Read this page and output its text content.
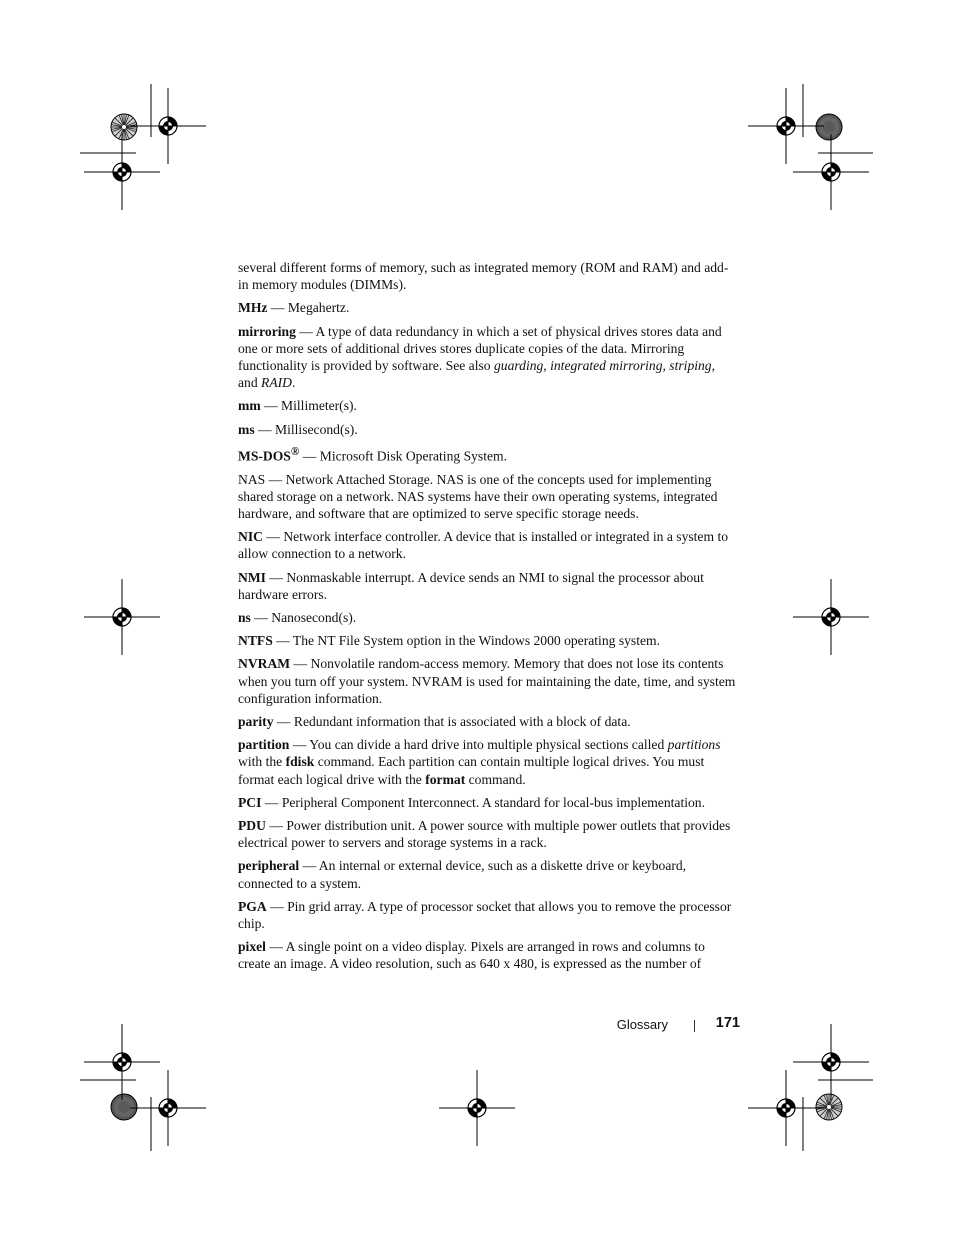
several different forms of memory, such as integrated memory (ROM and RAM) and add-in memory modules (DIMMs).

MHz — Megahertz.

mirroring — A type of data redundancy in which a set of physical drives stores data and one or more sets of additional drives stores duplicate copies of the data. Mirroring functionality is provided by software. See also guarding, integrated mirroring, striping, and RAID.

mm — Millimeter(s).

ms — Millisecond(s).

MS-DOS® — Microsoft Disk Operating System.

NAS — Network Attached Storage. NAS is one of the concepts used for implementing shared storage on a network. NAS systems have their own operating systems, integrated hardware, and software that are optimized to serve specific storage needs.

NIC — Network interface controller. A device that is installed or integrated in a system to allow connection to a network.

NMI — Nonmaskable interrupt. A device sends an NMI to signal the processor about hardware errors.

ns — Nanosecond(s).

NTFS — The NT File System option in the Windows 2000 operating system.

NVRAM — Nonvolatile random-access memory. Memory that does not lose its contents when you turn off your system. NVRAM is used for maintaining the date, time, and system configuration information.

parity — Redundant information that is associated with a block of data.

partition — You can divide a hard drive into multiple physical sections called partitions with the fdisk command. Each partition can contain multiple logical drives. You must format each logical drive with the format command.

PCI — Peripheral Component Interconnect. A standard for local-bus implementation.

PDU — Power distribution unit. A power source with multiple power outlets that provides electrical power to servers and storage systems in a rack.

peripheral — An internal or external device, such as a diskette drive or keyboard, connected to a system.

PGA — Pin grid array. A type of processor socket that allows you to remove the processor chip.

pixel — A single point on a video display. Pixels are arranged in rows and columns to create an image. A video resolution, such as 640 x 480, is expressed as the number of

Glossary	171
